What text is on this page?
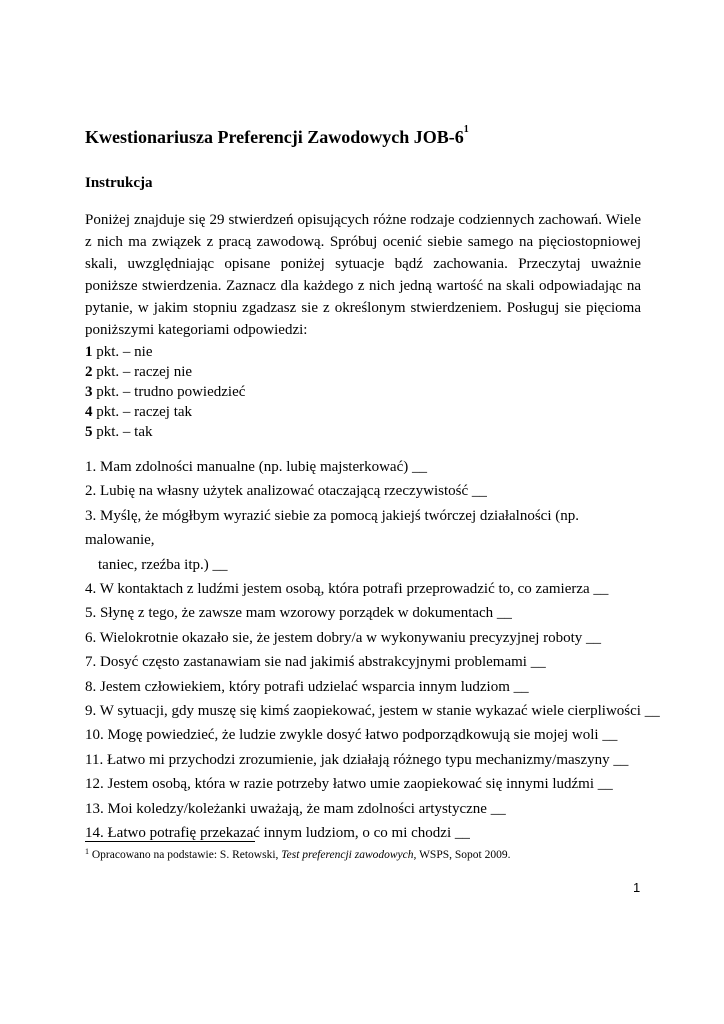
Kwestionariusza Preferencji Zawodowych JOB-$6^1$
Instrukcja

Poniżej znajduje się 29 stwierdzeń opisujących różne rodzaje codziennych zachowań. Wiele z nich ma związek z pracą zawodową. Spróbuj ocenić siebie samego na pięciostopniowej skali, uwzględniając opisane poniżej sytuacje bądź zachowania. Przeczytaj uważnie poniższe stwierdzenia. Zaznacz dla każdego z nich jedną wartość na skali odpowiadając na pytanie, w jakim stopniu zgadzasz sie z określonym stwierdzeniem. Posługuj sie pięcioma poniższymi kategoriami odpowiedzi:

1 pkt. – nie
2 pkt. – raczej nie
3 pkt. – trudno powiedzieć
4 pkt. – raczej tak
5 pkt. – tak
1. Mam zdolności manualne (np. lubię majsterkować) __
2. Lubię na własny użytek analizować otaczającą rzeczywistość __
3. Myślę, że mógłbym wyrazić siebie za pomocą jakiejś twórczej działalności (np. malowanie,
taniec, rzeźba itp.) __
4. W kontaktach z ludźmi jestem osobą, która potrafi przeprowadzić to, co zamierza __
5. Słynę z tego, że zawsze mam wzorowy porządek w dokumentach __
6. Wielokrotnie okazało sie, że jestem dobry/a w wykonywaniu precyzyjnej roboty __
7. Dosyć często zastanawiam sie nad jakimiś abstrakcyjnymi problemami __
8. Jestem człowiekiem, który potrafi udzielać wsparcia innym ludziom __
9. W sytuacji, gdy muszę się kimś zaopiekować, jestem w stanie wykazać wiele cierpliwości __
10. Mogę powiedzieć, że ludzie zwykle dosyć łatwo podporządkowują sie mojej woli __
11. Łatwo mi przychodzi zrozumienie, jak działają różnego typu mechanizmy/maszyny __
12. Jestem osobą, która w razie potrzeby łatwo umie zaopiekować się innymi ludźmi __
13. Moi koledzy/koleżanki uważają, że mam zdolności artystyczne __
14. Łatwo potrafię przekazać innym ludziom, o co mi chodzi __
$^1$ Opracowano na podstawie: S. Retowski, Test preferencji zawodowych, WSPS, Sopot 2009.
1
